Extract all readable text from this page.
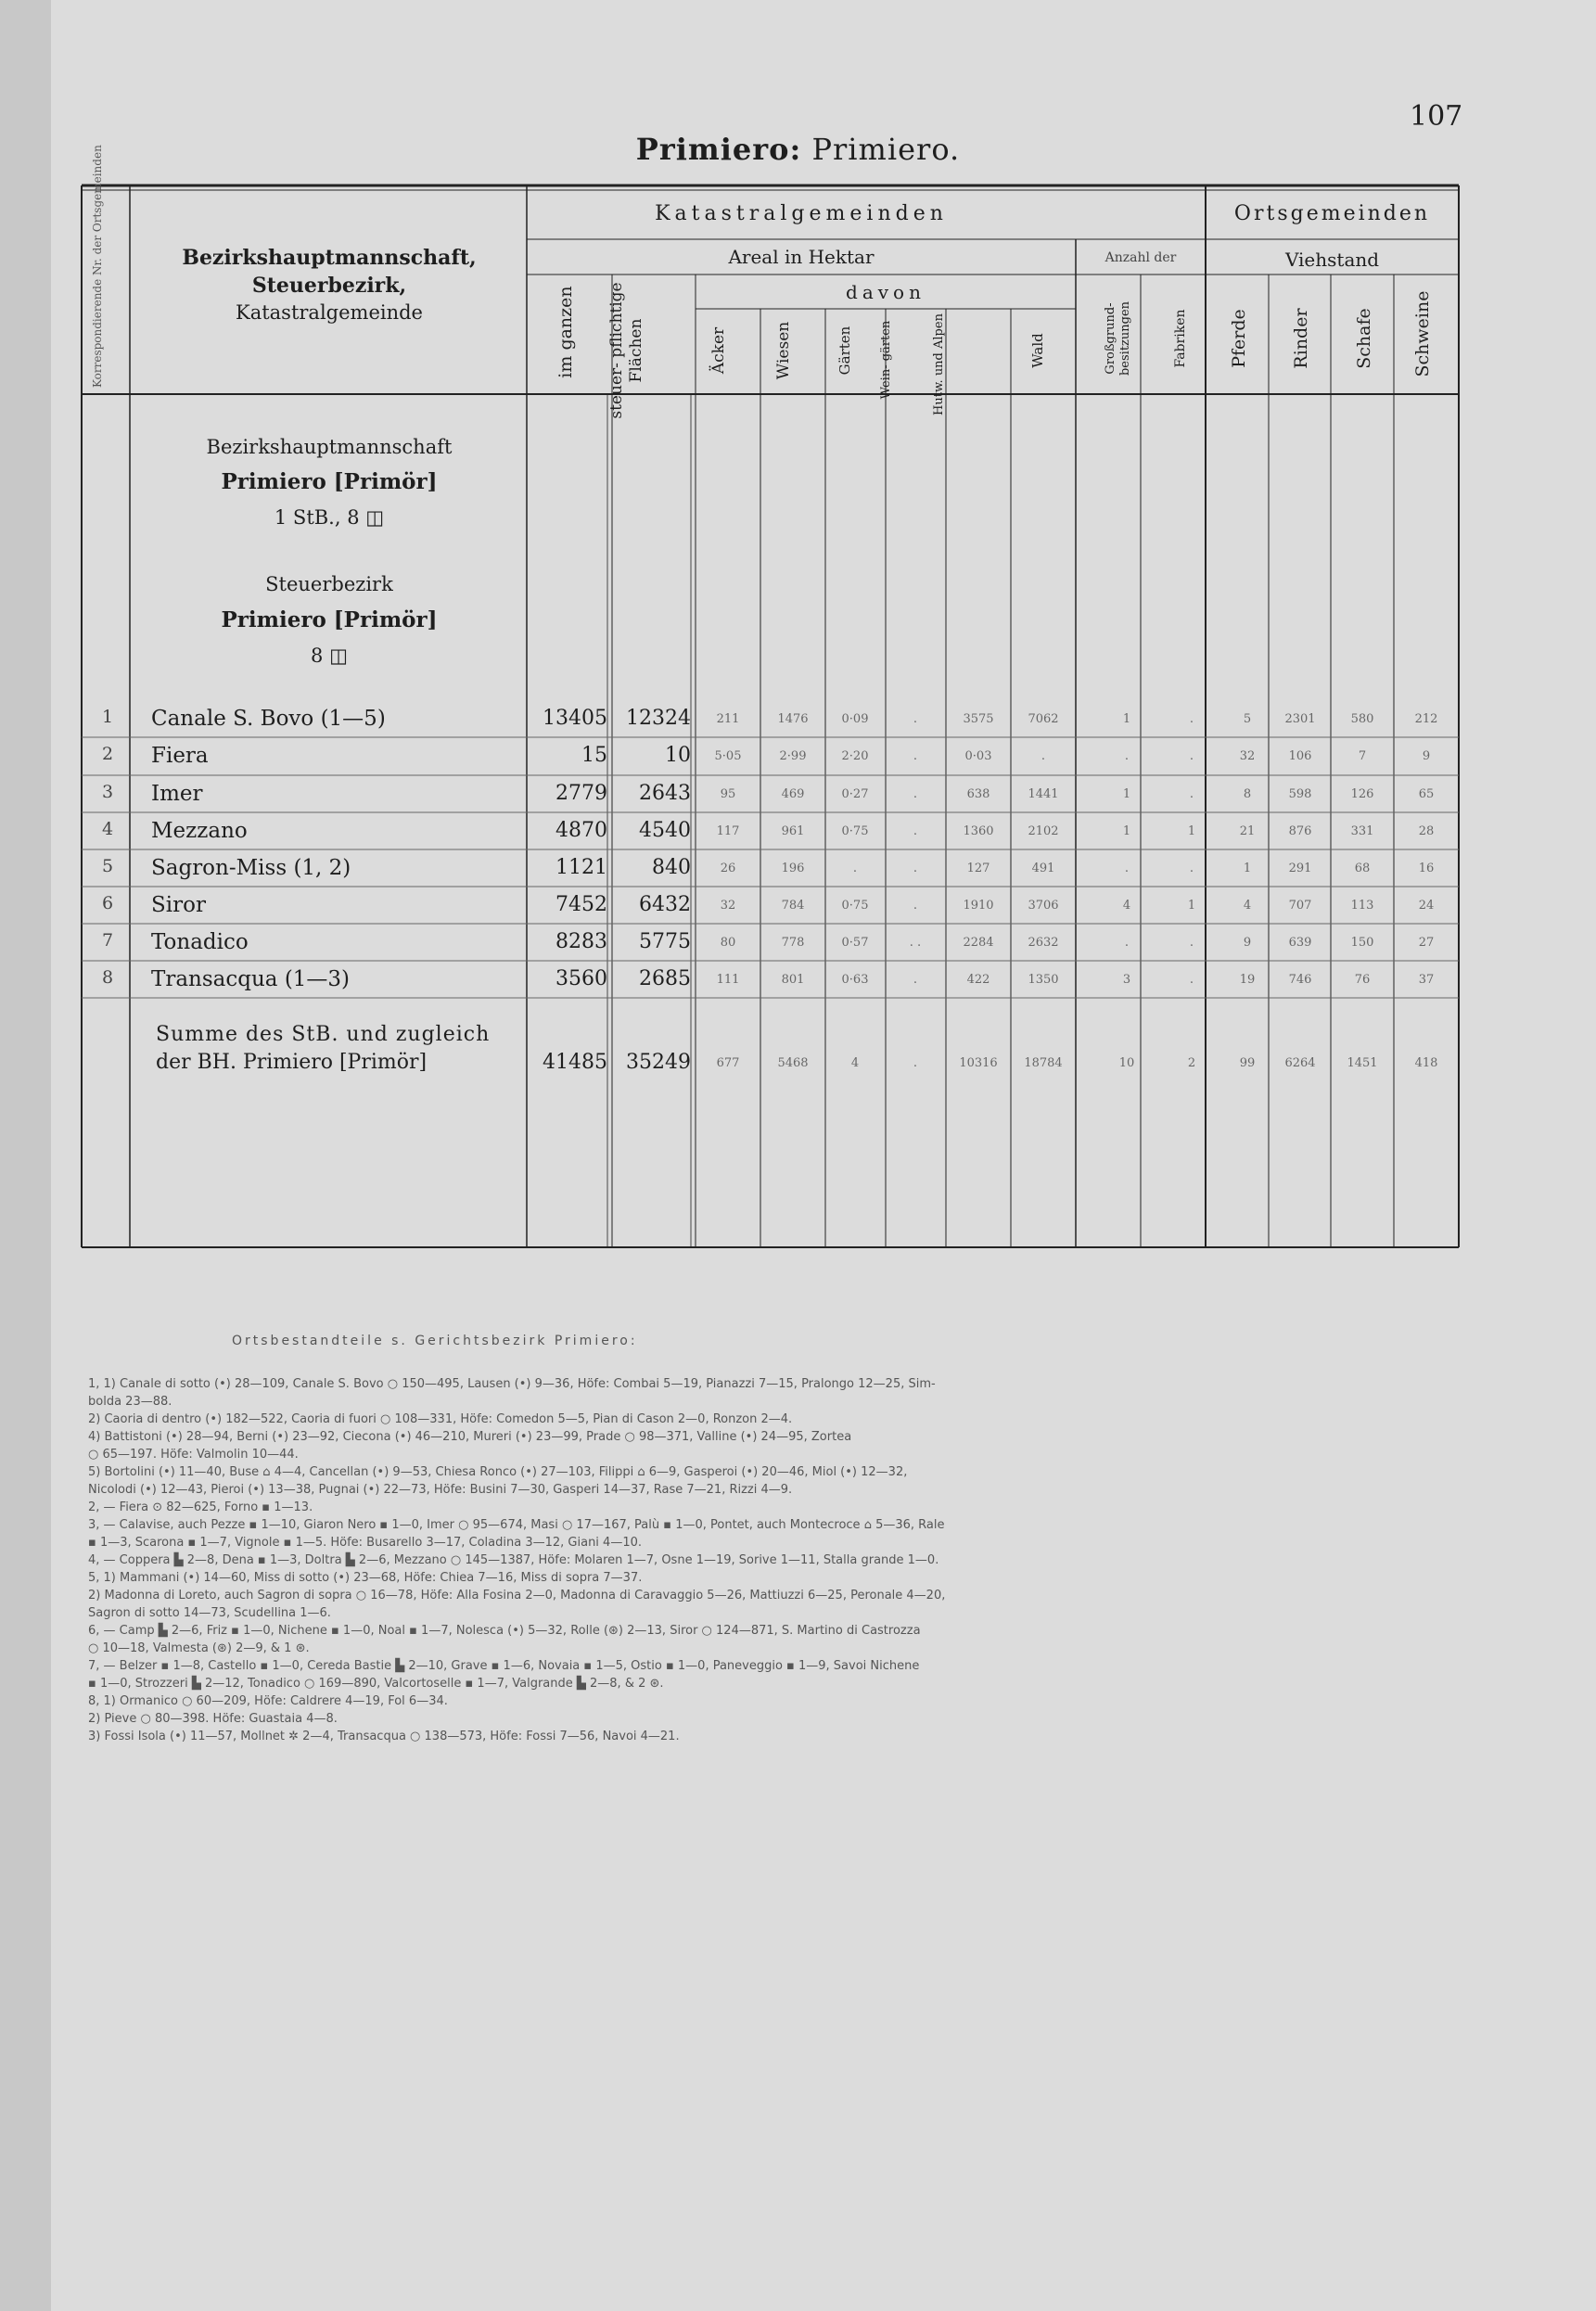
107
Primiero: Primiero.
Korrespondierende Nr. der Ortsgemeinden	Bezirkshauptmannschaft,
Steuerbezirk,
Katastralgemeinde
Katastralgemeinden	Ortsgemeinden
Areal in Hektar	Anzahl der	Viehstand
davon
im ganzen	steuer- pflichtige Flächen	Äcker	Wiesen	Gärten	Wein- gärten	Hutw. und Alpen	Wald	Großgrund- besitzungen	Fabriken	Pferde	Rinder	Schafe	Schweine
Bezirkshauptmannschaft
Primiero [Primör]
1 StB., 8 ◫
Steuerbezirk
Primiero [Primör]
8 ◫
1 Canale S. Bovo (1—5)	13405 12324	211	1476	0·09	.	3575	7062	1	.	5	2301	580	212
2 Fiera	15	10	5·05	2·99	2·20	.	0·03	.	.	.	32	106	7	9
3 Imer	2779	2643	95	469	0·27	.	638	1441	1	.	8	598	126	65
4 Mezzano	4870	4540	117	961	0·75	.	1360	2102	1	1	21	876	331	28
5 Sagron-Miss (1, 2)	1121	840	26	196	.	.	127	491	.	.	1	291	68	16
6 Siror	7452	6432	32	784	0·75	.	1910	3706	4	1	4	707	113	24
7 Tonadico	8283	5775	80	778	0·57	. .	2284	2632	.	.	9	639	150	27
8 Transacqua (1—3)	3560	2685	111	801	0·63	.	422	1350	3	.	19	746	76	37
Summe des StB. und zugleich
der BH. Primiero [Primör]	41485 35249	677	5468	4	.	10316	18784	10	2	99	6264	1451	418
Ortsbestandteile s. Gerichtsbezirk Primiero:
1, 1) Canale di sotto (•) 28—109, Canale S. Bovo ○ 150—495, Lausen (•) 9—36, Höfe: Combai 5—19, Pianazzi 7—15, Pralongo 12—25, Sim-
bolda 23—88.
2) Caoria di dentro (•) 182—522, Caoria di fuori ○ 108—331, Höfe: Comedon 5—5, Pian di Cason 2—0, Ronzon 2—4.
4) Battistoni (•) 28—94, Berni (•) 23—92, Ciecona (•) 46—210, Mureri (•) 23—99, Prade ○ 98—371, Valline (•) 24—95, Zortea
○ 65—197. Höfe: Valmolin 10—44.
5) Bortolini (•) 11—40, Buse ⌂ 4—4, Cancellan (•) 9—53, Chiesa Ronco (•) 27—103, Filippi ⌂ 6—9, Gasperoi (•) 20—46, Miol (•) 12—32,
Nicolodi (•) 12—43, Pieroi (•) 13—38, Pugnai (•) 22—73, Höfe: Busini 7—30, Gasperi 14—37, Rase 7—21, Rizzi 4—9.
2, — Fiera ⊙ 82—625, Forno ▪ 1—13.
3, — Calavise, auch Pezze ▪ 1—10, Giaron Nero ▪ 1—0, Imer ○ 95—674, Masi ○ 17—167, Palù ▪ 1—0, Pontet, auch Montecroce ⌂ 5—36, Rale
▪ 1—3, Scarona ▪ 1—7, Vignole ▪ 1—5. Höfe: Busarello 3—17, Coladina 3—12, Giani 4—10.
4, — Coppera ▙ 2—8, Dena ▪ 1—3, Doltra ▙ 2—6, Mezzano ○ 145—1387, Höfe: Molaren 1—7, Osne 1—19, Sorive 1—11, Stalla grande 1—0.
5, 1) Mammani (•) 14—60, Miss di sotto (•) 23—68, Höfe: Chiea 7—16, Miss di sopra 7—37.
2) Madonna di Loreto, auch Sagron di sopra ○ 16—78, Höfe: Alla Fosina 2—0, Madonna di Caravaggio 5—26, Mattiuzzi 6—25, Peronale 4—20,
Sagron di sotto 14—73, Scudellina 1—6.
6, — Camp ▙ 2—6, Friz ▪ 1—0, Nichene ▪ 1—0, Noal ▪ 1—7, Nolesca (•) 5—32, Rolle (⊛) 2—13, Siror ○ 124—871, S. Martino di Castrozza
○ 10—18, Valmesta (⊛) 2—9, & 1 ⊛.
7, — Belzer ▪ 1—8, Castello ▪ 1—0, Cereda Bastie ▙ 2—10, Grave ▪ 1—6, Novaia ▪ 1—5, Ostio ▪ 1—0, Paneveggio ▪ 1—9, Savoi Nichene
▪ 1—0, Strozzeri ▙ 2—12, Tonadico ○ 169—890, Valcortoselle ▪ 1—7, Valgrande ▙ 2—8, & 2 ⊛.
8, 1) Ormanico ○ 60—209, Höfe: Caldrere 4—19, Fol 6—34.
2) Pieve ○ 80—398. Höfe: Guastaia 4—8.
3) Fossi Isola (•) 11—57, Mollnet ✲ 2—4, Transacqua ○ 138—573, Höfe: Fossi 7—56, Navoi 4—21.
